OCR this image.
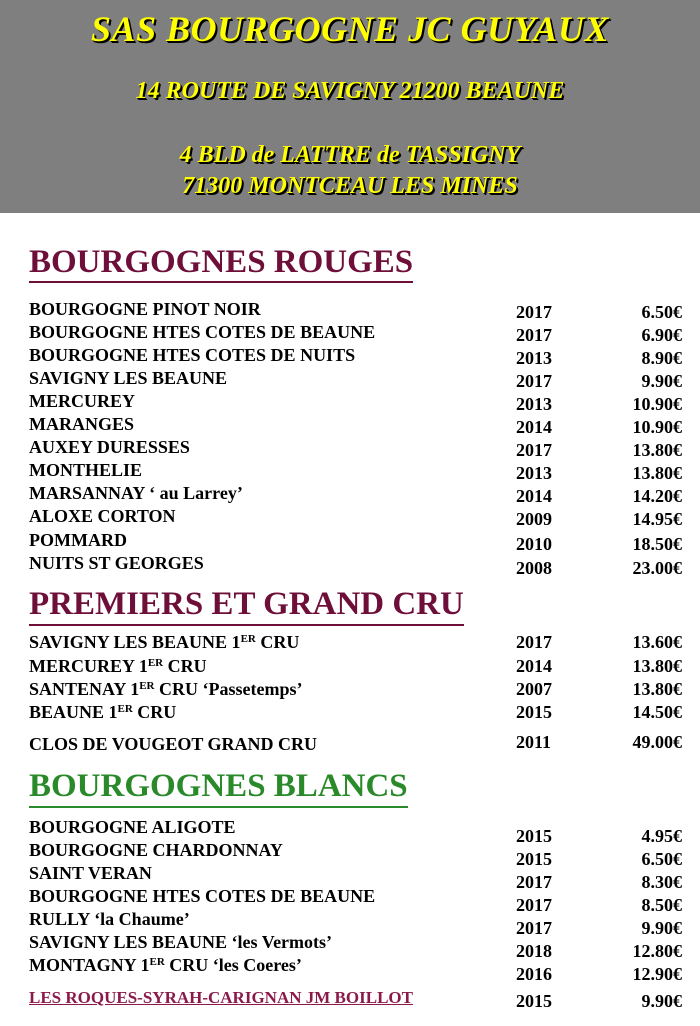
SAS BOURGOGNE JC GUYAUX
14 ROUTE DE SAVIGNY 21200 BEAUNE
4 BLD de LATTRE de TASSIGNY
71300 MONTCEAU LES MINES
BOURGOGNES ROUGES
BOURGOGNE PINOT NOIR	2017	6.50€
BOURGOGNE HTES COTES DE BEAUNE	2017	6.90€
BOURGOGNE HTES COTES DE NUITS	2013	8.90€
SAVIGNY LES BEAUNE	2017	9.90€
MERCUREY	2013	10.90€
MARANGES	2014	10.90€
AUXEY DURESSES	2017	13.80€
MONTHELIE	2013	13.80€
MARSANNAY ‘ au Larrey’	2014	14.20€
ALOXE CORTON	2009	14.95€
POMMARD	2010	18.50€
NUITS ST GEORGES	2008	23.00€
PREMIERS ET GRAND CRU
SAVIGNY LES BEAUNE 1ER CRU	2017	13.60€
MERCUREY 1ER CRU	2014	13.80€
SANTENAY 1ER CRU ‘Passetemps’	2007	13.80€
BEAUNE 1ER CRU	2015	14.50€
CLOS DE VOUGEOT GRAND CRU	2011	49.00€
BOURGOGNES BLANCS
BOURGOGNE ALIGOTE	2015	4.95€
BOURGOGNE CHARDONNAY	2015	6.50€
SAINT VERAN	2017	8.30€
BOURGOGNE HTES COTES DE BEAUNE	2017	8.50€
RULLY ‘la Chaume’	2017	9.90€
SAVIGNY LES BEAUNE ‘les Vermots’	2018	12.80€
MONTAGNY 1ER CRU ‘les Coeres’	2016	12.90€
LES ROQUES-SYRAH-CARIGNAN JM BOILLOT	2015	9.90€
